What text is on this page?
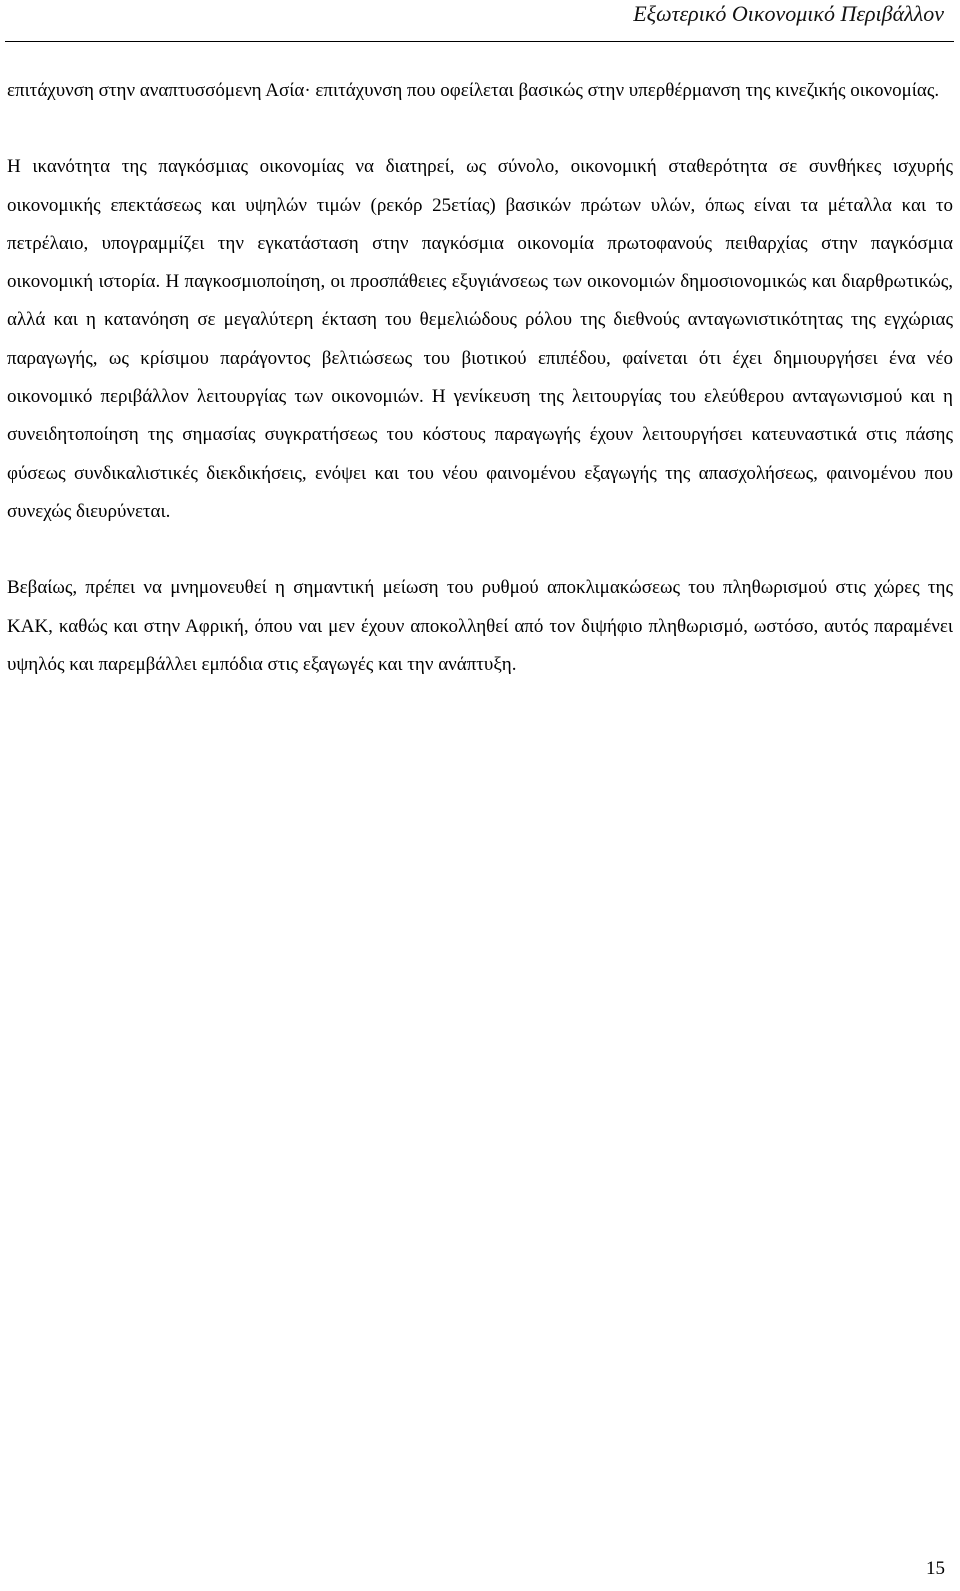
Εξωτερικό Οικονομικό Περιβάλλον

επιτάχυνση στην αναπτυσσόμενη Ασία· επιτάχυνση που οφείλεται βασικώς στην υπερθέρμανση της κινεζικής οικονομίας.

Η ικανότητα της παγκόσμιας οικονομίας να διατηρεί, ως σύνολο, οικονομική σταθερότητα σε συνθήκες ισχυρής οικονομικής επεκτάσεως και υψηλών τιμών (ρεκόρ 25ετίας) βασικών πρώτων υλών, όπως είναι τα μέταλλα και το πετρέλαιο, υπογραμμίζει την εγκατάσταση στην παγκόσμια οικονομία πρωτοφανούς πειθαρχίας στην παγκόσμια οικονομική ιστορία. Η παγκοσμιοποίηση, οι προσπάθειες εξυγιάνσεως των οικονομιών δημοσιονομικώς και διαρθρωτικώς, αλλά και η κατανόηση σε μεγαλύτερη έκταση του θεμελιώδους ρόλου της διεθνούς ανταγωνιστικότητας της εγχώριας παραγωγής, ως κρίσιμου παράγοντος βελτιώσεως του βιοτικού επιπέδου, φαίνεται ότι έχει δημιουργήσει ένα νέο οικονομικό περιβάλλον λειτουργίας των οικονομιών. Η γενίκευση της λειτουργίας του ελεύθερου ανταγωνισμού και η συνειδητοποίηση της σημασίας συγκρατήσεως του κόστους παραγωγής έχουν λειτουργήσει κατευναστικά στις πάσης φύσεως συνδικαλιστικές διεκδικήσεις, ενόψει και του νέου φαινομένου εξαγωγής της απασχολήσεως, φαινομένου που συνεχώς διευρύνεται.

Βεβαίως, πρέπει να μνημονευθεί η σημαντική μείωση του ρυθμού αποκλιμακώσεως του πληθωρισμού στις χώρες της ΚΑΚ, καθώς και στην Αφρική, όπου ναι μεν έχουν αποκολληθεί από τον διψήφιο πληθωρισμό, ωστόσο, αυτός παραμένει υψηλός και παρεμβάλλει εμπόδια στις εξαγωγές και την ανάπτυξη.

15
